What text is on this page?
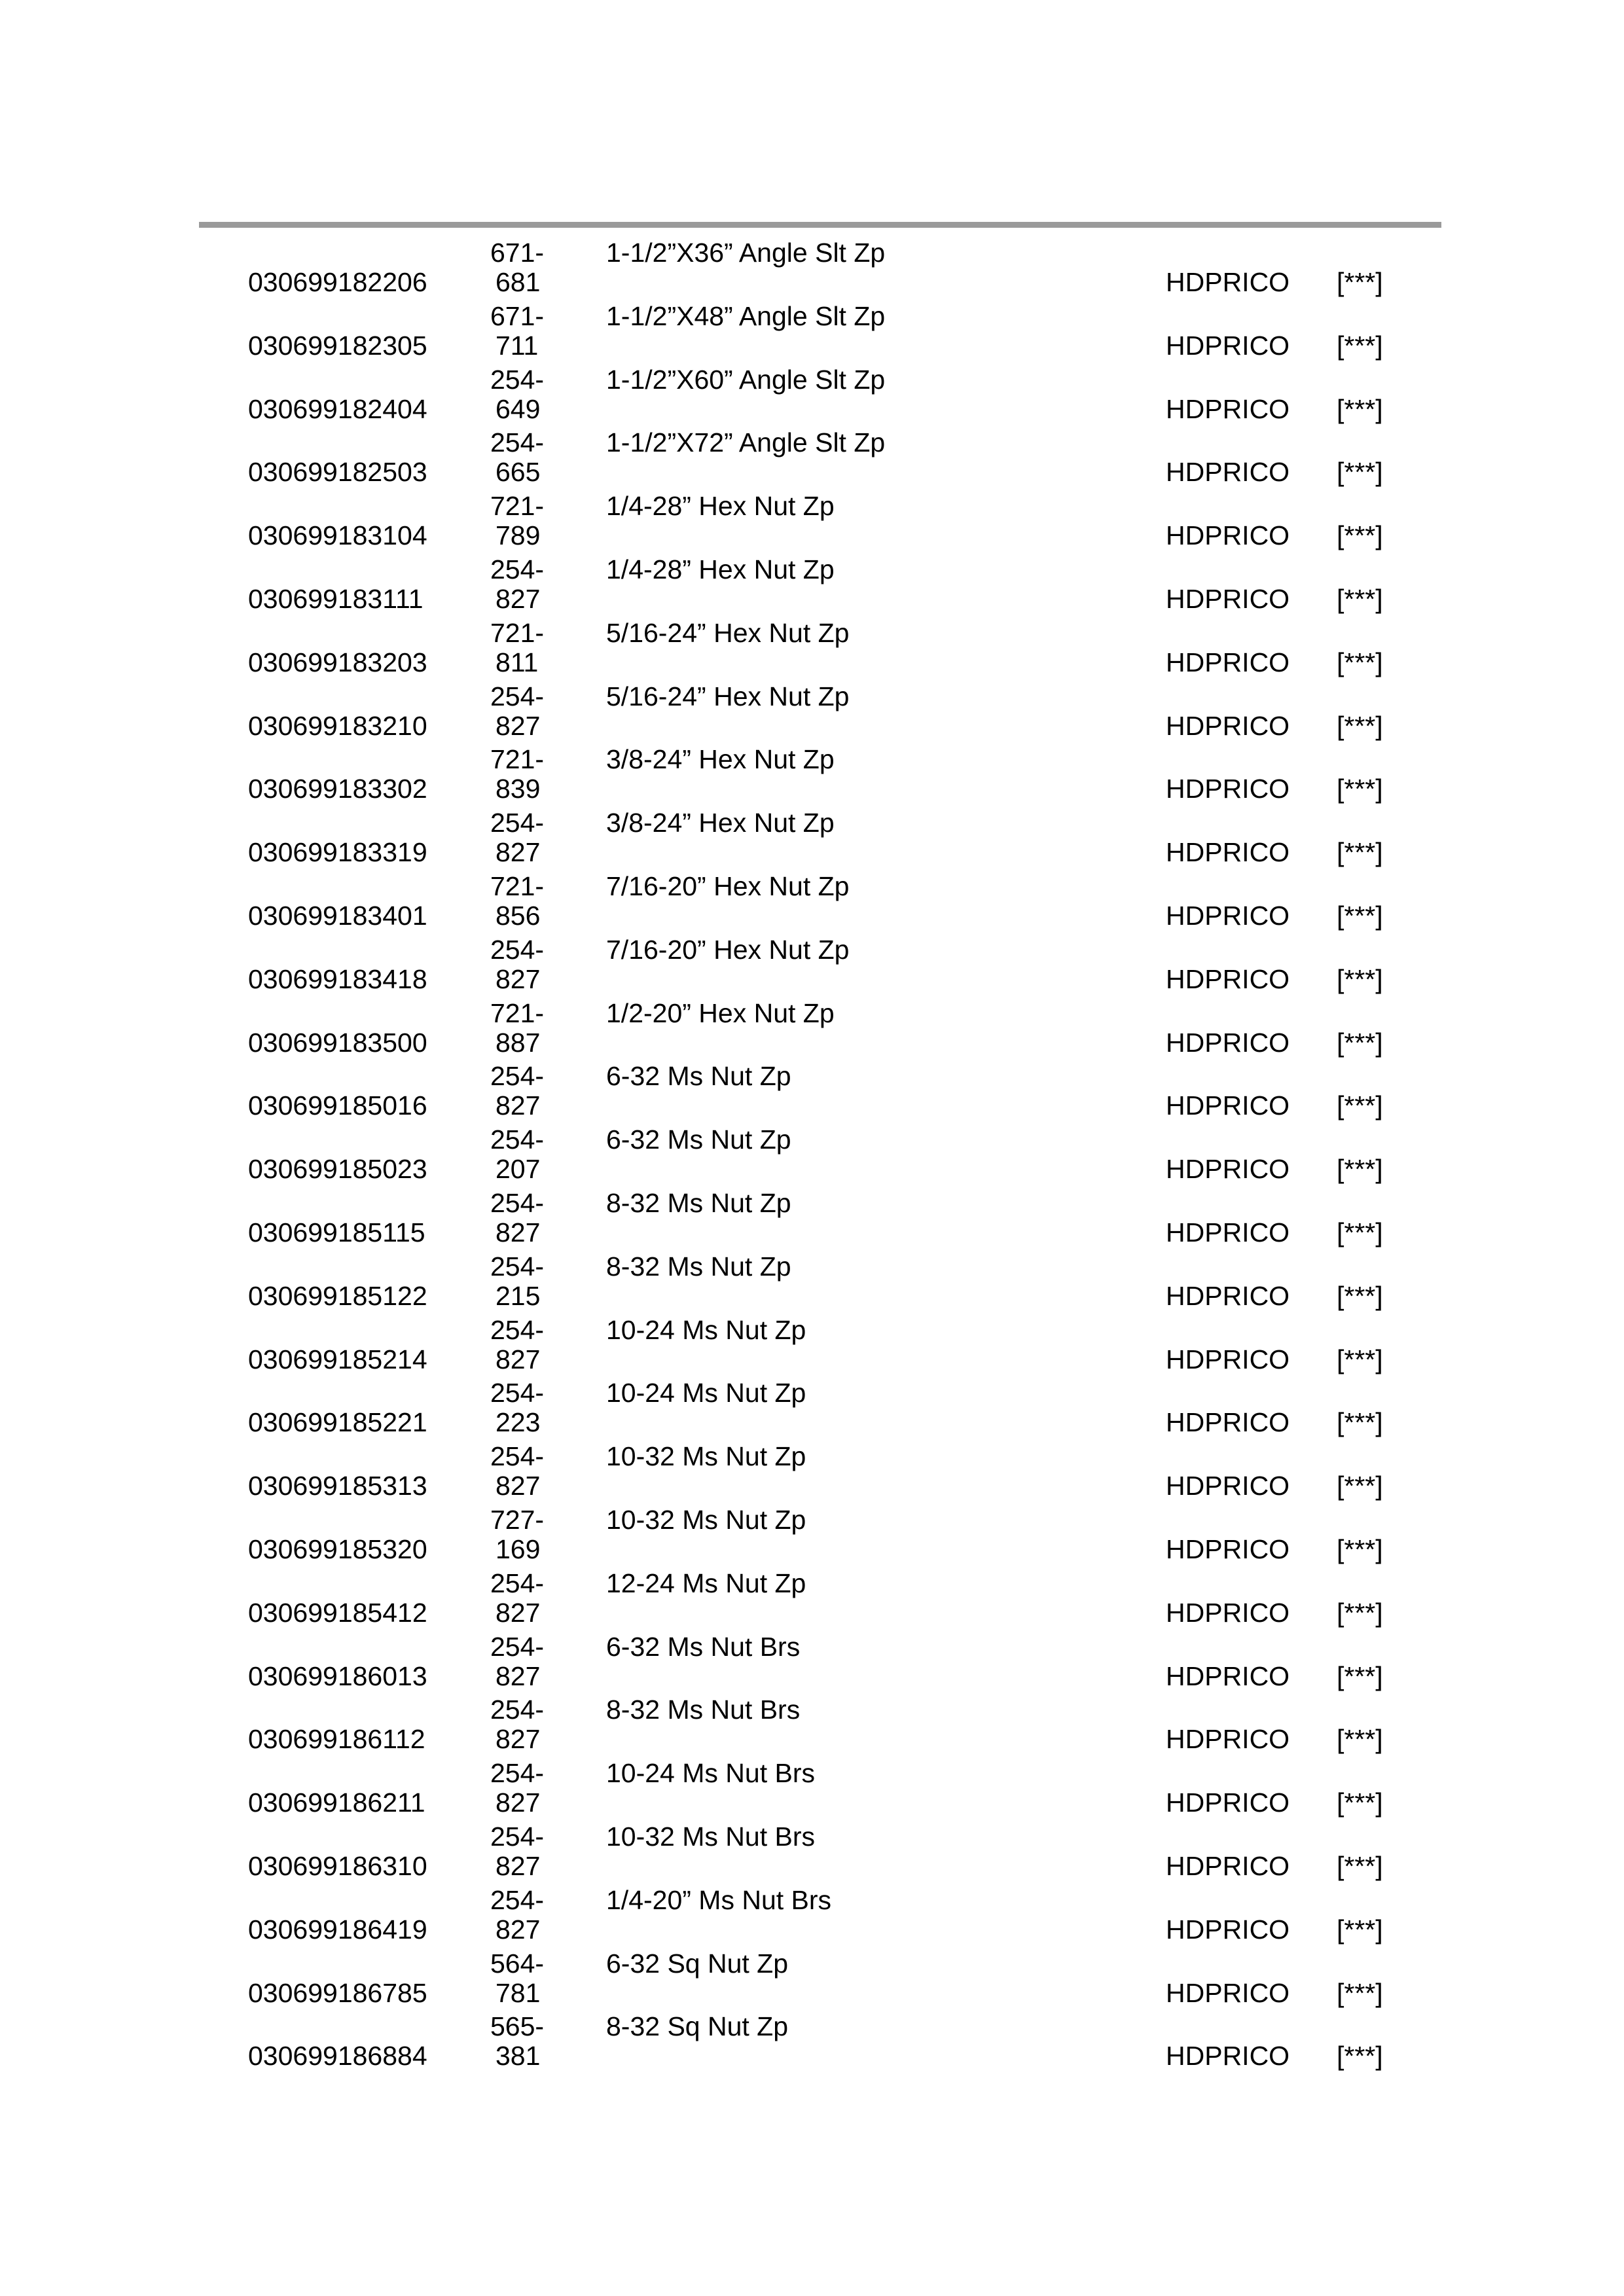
030699182206
671-
681
1-1/2”X36” Angle Slt Zp
HDPRICO [***]
030699182305
671-
711
1-1/2”X48” Angle Slt Zp
HDPRICO [***]
030699182404
254-
649
1-1/2”X60” Angle Slt Zp
HDPRICO [***]
030699182503
254-
665
1-1/2”X72” Angle Slt Zp
HDPRICO [***]
030699183104
721-
789
1/4-28” Hex Nut Zp
HDPRICO [***]
030699183111
254-
827
1/4-28” Hex Nut Zp
HDPRICO [***]
030699183203
721-
811
5/16-24” Hex Nut Zp
HDPRICO [***]
030699183210
254-
827
5/16-24” Hex Nut Zp
HDPRICO [***]
030699183302
721-
839
3/8-24” Hex Nut Zp
HDPRICO [***]
030699183319
254-
827
3/8-24” Hex Nut Zp
HDPRICO [***]
030699183401
721-
856
7/16-20” Hex Nut Zp
HDPRICO [***]
030699183418
254-
827
7/16-20” Hex Nut Zp
HDPRICO [***]
030699183500
721-
887
1/2-20” Hex Nut Zp
HDPRICO [***]
030699185016
254-
827
6-32 Ms Nut Zp
HDPRICO [***]
030699185023
254-
207
6-32 Ms Nut Zp
HDPRICO [***]
030699185115
254-
827
8-32 Ms Nut Zp
HDPRICO [***]
030699185122
254-
215
8-32 Ms Nut Zp
HDPRICO [***]
030699185214
254-
827
10-24 Ms Nut Zp
HDPRICO [***]
030699185221
254-
223
10-24 Ms Nut Zp
HDPRICO [***]
030699185313
254-
827
10-32 Ms Nut Zp
HDPRICO [***]
030699185320
727-
169
10-32 Ms Nut Zp
HDPRICO [***]
030699185412
254-
827
12-24 Ms Nut Zp
HDPRICO [***]
030699186013
254-
827
6-32 Ms Nut Brs
HDPRICO [***]
030699186112
254-
827
8-32 Ms Nut Brs
HDPRICO [***]
030699186211
254-
827
10-24 Ms Nut Brs
HDPRICO [***]
030699186310
254-
827
10-32 Ms Nut Brs
HDPRICO [***]
030699186419
254-
827
1/4-20” Ms Nut Brs
HDPRICO [***]
030699186785
564-
781
6-32 Sq Nut Zp
HDPRICO [***]
030699186884
565-
381
8-32 Sq Nut Zp
HDPRICO [***]
